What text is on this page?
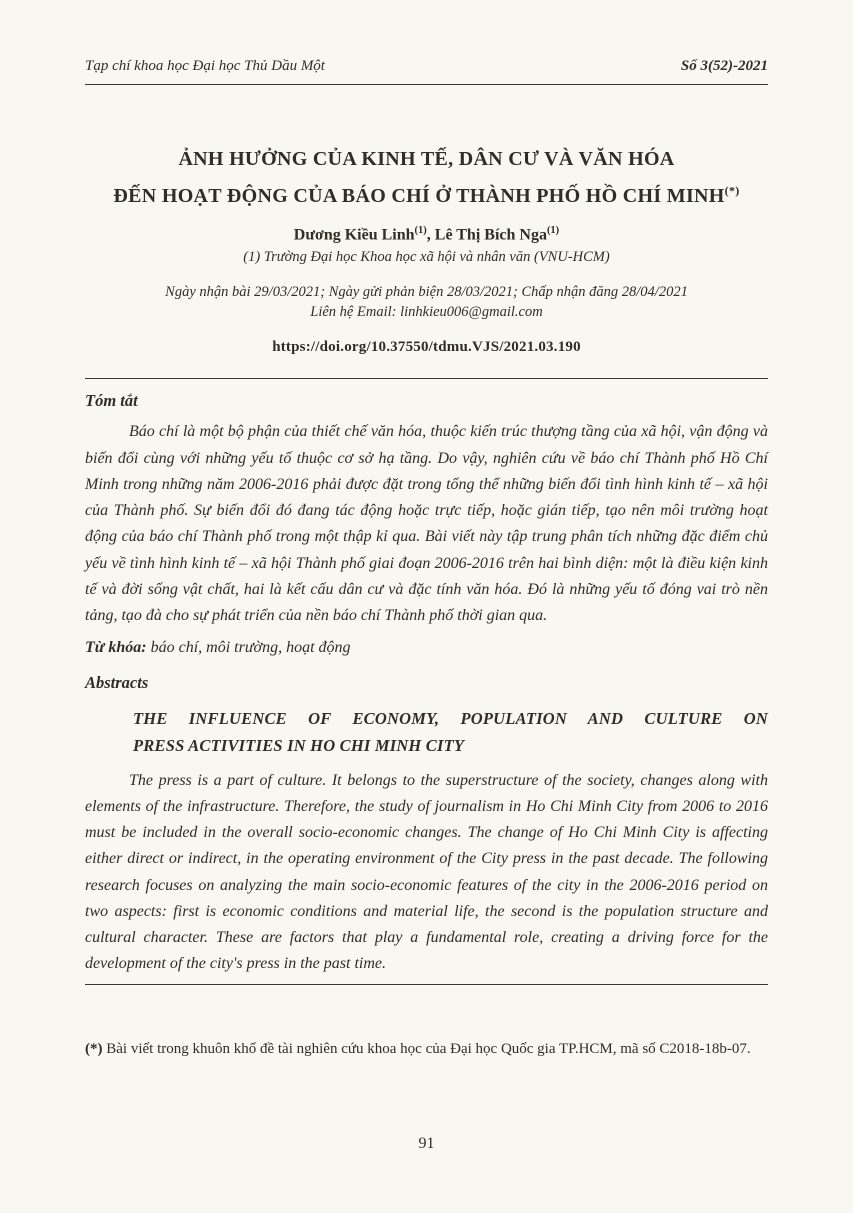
Tạp chí khoa học Đại học Thủ Dầu Một	Số 3(52)-2021
ẢNH HƯỞNG CỦA KINH TẾ, DÂN CƯ VÀ VĂN HÓA
ĐẾN HOẠT ĐỘNG CỦA BÁO CHÍ Ở THÀNH PHỐ HỒ CHÍ MINH(*)
Dương Kiều Linh$^{(1)}$, Lê Thị Bích Nga$^{(1)}$
(1) Trường Đại học Khoa học xã hội và nhân văn (VNU-HCM)
Ngày nhận bài 29/03/2021; Ngày gửi phản biện 28/03/2021; Chấp nhận đăng 28/04/2021
Liên hệ Email: linhkieu006@gmail.com
https://doi.org/10.37550/tdmu.VJS/2021.03.190
Tóm tắt

Báo chí là một bộ phận của thiết chế văn hóa, thuộc kiến trúc thượng tầng của xã hội, vận động và biến đổi cùng với những yếu tố thuộc cơ sở hạ tầng. Do vậy, nghiên cứu về báo chí Thành phố Hồ Chí Minh trong những năm 2006-2016 phải được đặt trong tổng thể những biến đổi tình hình kinh tế – xã hội của Thành phố. Sự biến đổi đó đang tác động hoặc trực tiếp, hoặc gián tiếp, tạo nên môi trường hoạt động của báo chí Thành phố trong một thập kỉ qua. Bài viết này tập trung phân tích những đặc điểm chủ yếu về tình hình kinh tế – xã hội Thành phố giai đoạn 2006-2016 trên hai bình diện: một là điều kiện kinh tế và đời sống vật chất, hai là kết cấu dân cư và đặc tính văn hóa. Đó là những yếu tố đóng vai trò nền tảng, tạo đà cho sự phát triển của nền báo chí Thành phố thời gian qua.

Từ khóa: báo chí, môi trường, hoạt động
Abstracts
THE INFLUENCE OF ECONOMY, POPULATION AND CULTURE ON
PRESS ACTIVITIES IN HO CHI MINH CITY

The press is a part of culture. It belongs to the superstructure of the society, changes along with elements of the infrastructure. Therefore, the study of journalism in Ho Chi Minh City from 2006 to 2016 must be included in the overall socio-economic changes. The change of Ho Chi Minh City is affecting either direct or indirect, in the operating environment of the City press in the past decade. The following research focuses on analyzing the main socio-economic features of the city in the 2006-2016 period on two aspects: first is economic conditions and material life, the second is the population structure and cultural character. These are factors that play a fundamental role, creating a driving force for the development of the city's press in the past time.

(*) Bài viết trong khuôn khổ đề tài nghiên cứu khoa học của Đại học Quốc gia TP.HCM, mã số C2018-18b-07.
91
